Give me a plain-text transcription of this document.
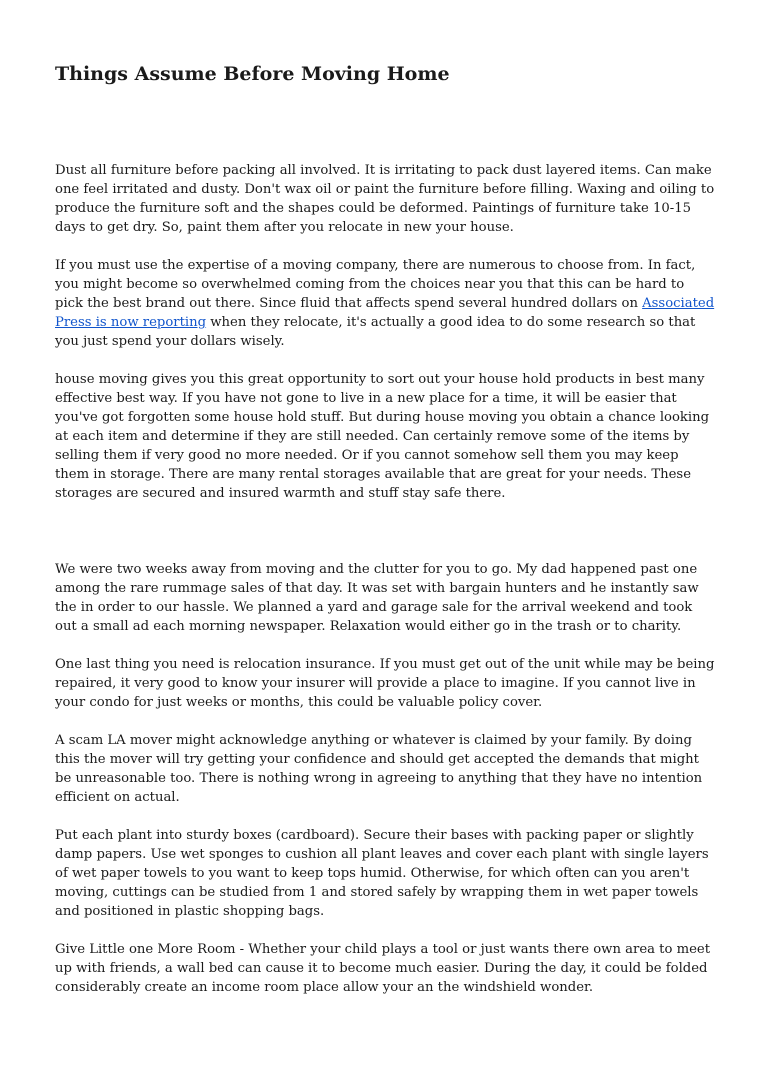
Things Assume Before Moving Home

Dust all furniture before packing all involved. It is irritating to pack dust layered items. Can make one feel irritated and dusty. Don't wax oil or paint the furniture before filling. Waxing and oiling to produce the furniture soft and the shapes could be deformed. Paintings of furniture take 10-15 days to get dry. So, paint them after you relocate in new your house.

If you must use the expertise of a moving company, there are numerous to choose from. In fact, you might become so overwhelmed coming from the choices near you that this can be hard to pick the best brand out there. Since fluid that affects spend several hundred dollars on Associated Press is now reporting when they relocate, it's actually a good idea to do some research so that you just spend your dollars wisely.

house moving gives you this great opportunity to sort out your house hold products in best many effective best way. If you have not gone to live in a new place for a time, it will be easier that you've got forgotten some house hold stuff. But during house moving you obtain a chance looking at each item and determine if they are still needed. Can certainly remove some of the items by selling them if very good no more needed. Or if you cannot somehow sell them you may keep them in storage. There are many rental storages available that are great for your needs. These storages are secured and insured warmth and stuff stay safe there.

We were two weeks away from moving and the clutter for you to go. My dad happened past one among the rare rummage sales of that day. It was set with bargain hunters and he instantly saw the in order to our hassle. We planned a yard and garage sale for the arrival weekend and took out a small ad each morning newspaper. Relaxation would either go in the trash or to charity.

One last thing you need is relocation insurance. If you must get out of the unit while may be being repaired, it very good to know your insurer will provide a place to imagine. If you cannot live in your condo for just weeks or months, this could be valuable policy cover.

A scam LA mover might acknowledge anything or whatever is claimed by your family. By doing this the mover will try getting your confidence and should get accepted the demands that might be unreasonable too. There is nothing wrong in agreeing to anything that they have no intention efficient on actual.

Put each plant into sturdy boxes (cardboard). Secure their bases with packing paper or slightly damp papers. Use wet sponges to cushion all plant leaves and cover each plant with single layers of wet paper towels to you want to keep tops humid. Otherwise, for which often can you aren't moving, cuttings can be studied from 1 and stored safely by wrapping them in wet paper towels and positioned in plastic shopping bags.

Give Little one More Room - Whether your child plays a tool or just wants there own area to meet up with friends, a wall bed can cause it to become much easier. During the day, it could be folded considerably create an income room place allow your an the windshield wonder.
